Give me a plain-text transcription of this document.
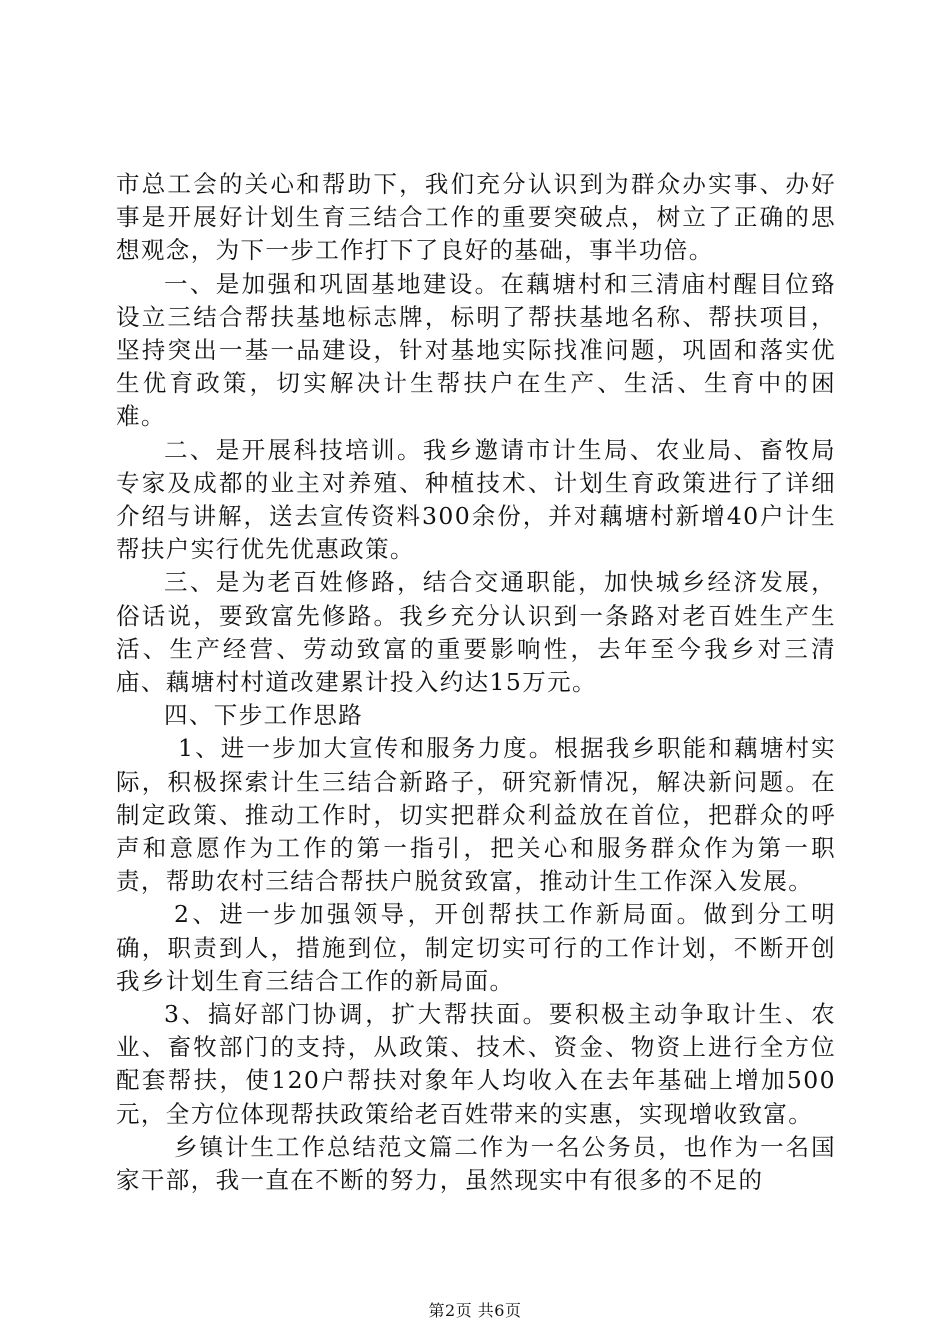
市总工会的关心和帮助下，我们充分认识到为群众办实事、办好事是开展好计划生育三结合工作的重要突破点，树立了正确的思想观念，为下一步工作打下了良好的基础，事半功倍。

一、是加强和巩固基地建设。在藕塘村和三清庙村醒目位臵设立三结合帮扶基地标志牌，标明了帮扶基地名称、帮扶项目，坚持突出一基一品建设，针对基地实际找准问题，巩固和落实优生优育政策，切实解决计生帮扶户在生产、生活、生育中的困难。

二、是开展科技培训。我乡邀请市计生局、农业局、畜牧局专家及成都的业主对养殖、种植技术、计划生育政策进行了详细介绍与讲解，送去宣传资料300余份，并对藕塘村新增40户计生帮扶户实行优先优惠政策。

三、是为老百姓修路，结合交通职能，加快城乡经济发展，俗话说，要致富先修路。我乡充分认识到一条路对老百姓生产生活、生产经营、劳动致富的重要影响性，去年至今我乡对三清庙、藕塘村村道改建累计投入约达15万元。

四、下步工作思路

1、进一步加大宣传和服务力度。根据我乡职能和藕塘村实际，积极探索计生三结合新路子，研究新情况，解决新问题。在制定政策、推动工作时，切实把群众利益放在首位，把群众的呼声和意愿作为工作的第一指引，把关心和服务群众作为第一职责，帮助农村三结合帮扶户脱贫致富，推动计生工作深入发展。

2、进一步加强领导，开创帮扶工作新局面。做到分工明确，职责到人，措施到位，制定切实可行的工作计划，不断开创我乡计划生育三结合工作的新局面。

3、搞好部门协调，扩大帮扶面。要积极主动争取计生、农业、畜牧部门的支持，从政策、技术、资金、物资上进行全方位配套帮扶，使120户帮扶对象年人均收入在去年基础上增加500元，全方位体现帮扶政策给老百姓带来的实惠，实现增收致富。

乡镇计生工作总结范文篇二作为一名公务员，也作为一名国家干部，我一直在不断的努力，虽然现实中有很多的不足的

第2页 共6页
